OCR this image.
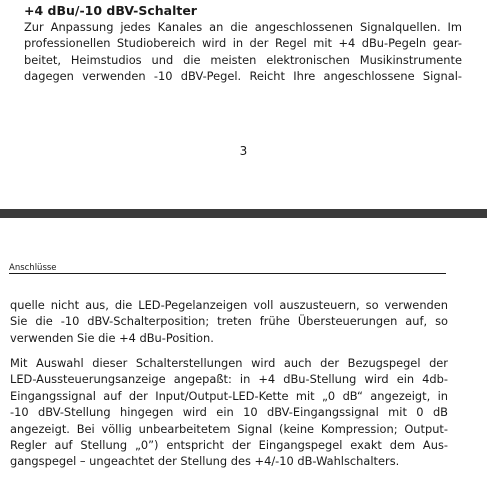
+4 dBu/-10 dBV-Schalter

Zur Anpassung jedes Kanales an die angeschlossenen Signalquellen. Im
professionellen Studiobereich wird in der Regel mit +4 dBu-Pegeln gear-
beitet, Heimstudios und die meisten elektronischen Musikinstrumente
dagegen verwenden -10 dBV-Pegel. Reicht Ihre angeschlossene Signal-

3
Anschlüsse

quelle nicht aus, die LED-Pegelanzeigen voll auszusteuern, so verwenden
Sie die -10 dBV-Schalterposition; treten frühe Übersteuerungen auf, so
verwenden Sie die +4 dBu-Position.

Mit Auswahl dieser Schalterstellungen wird auch der Bezugspegel der
LED-Aussteuerungsanzeige angepaßt: in +4 dBu-Stellung wird ein 4db-
Eingangssignal auf der Input/Output-LED-Kette mit „0 dB“ angezeigt, in
-10 dBV-Stellung hingegen wird ein 10 dBV-Eingangssignal mit 0 dB
angezeigt. Bei völlig unbearbeitetem Signal (keine Kompression; Output-
Regler auf Stellung „0”) entspricht der Eingangspegel exakt dem Aus-
gangspegel – ungeachtet der Stellung des +4/-10 dB-Wahlschalters.
